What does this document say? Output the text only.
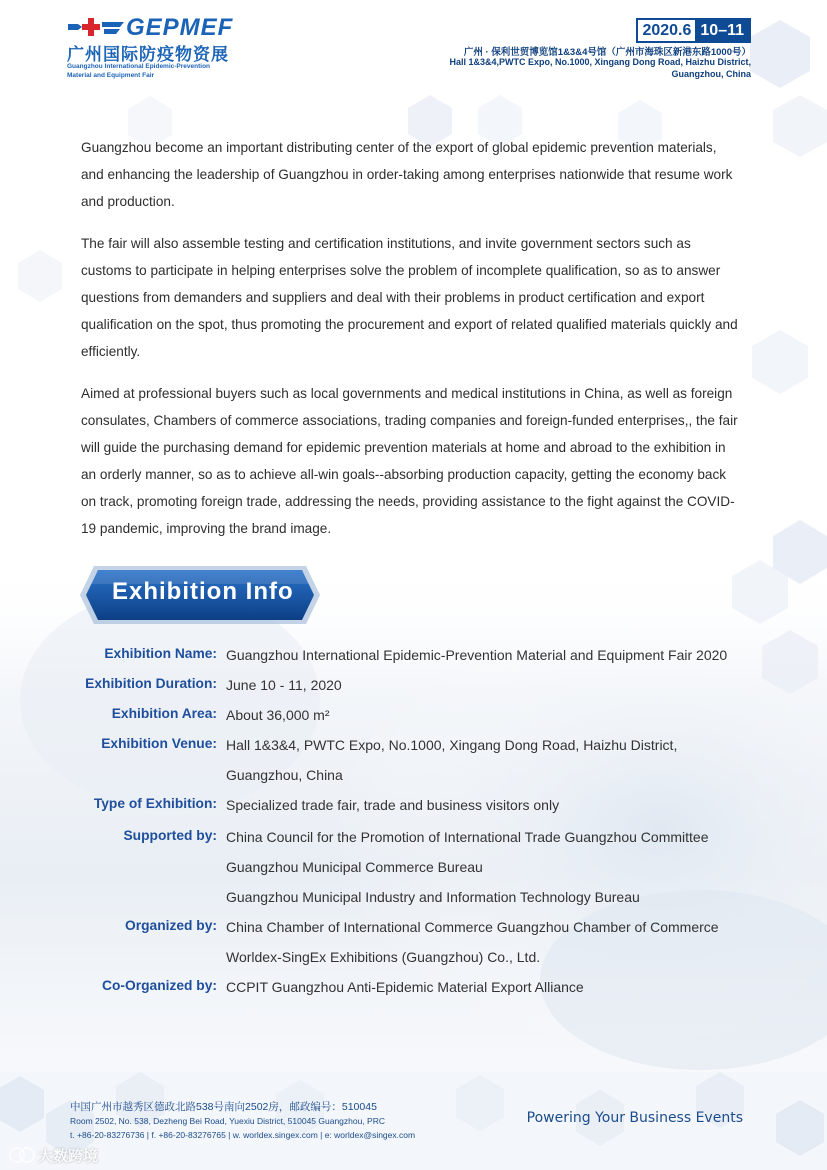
GEPMEF
广州国际防疫物资展
Guangzhou International Epidemic-Prevention
Material and Equipment Fair
2020.6 10–11
广州 · 保利世贸博览馆1&3&4号馆（广州市海珠区新港东路1000号）
Hall 1&3&4,PWTC Expo, No.1000, Xingang Dong Road, Haizhu District,
Guangzhou, China

Guangzhou become an important distributing center of the export of global epidemic prevention materials, and enhancing the leadership of Guangzhou in order-taking among enterprises nationwide that resume work and production.

The fair will also assemble testing and certification institutions, and invite government sectors such as customs to participate in helping enterprises solve the problem of incomplete qualification, so as to answer questions from demanders and suppliers and deal with their problems in product certification and export qualification on the spot, thus promoting the procurement and export of related qualified materials quickly and efficiently.

Aimed at professional buyers such as local governments and medical institutions in China, as well as foreign consulates, Chambers of commerce associations, trading companies and foreign-funded enterprises,, the fair will guide the purchasing demand for epidemic prevention materials at home and abroad to the exhibition in an orderly manner, so as to achieve all-win goals--absorbing production capacity, getting the economy back on track, promoting foreign trade, addressing the needs, providing assistance to the fight against the COVID-19 pandemic, improving the brand image.

Exhibition Info
Exhibition Name: Guangzhou International Epidemic-Prevention Material and Equipment Fair 2020
Exhibition Duration: June 10 - 11, 2020
Exhibition Area: About 36,000 m²
Exhibition Venue: Hall 1&3&4, PWTC Expo, No.1000, Xingang Dong Road, Haizhu District,
Guangzhou, China
Type of Exhibition: Specialized trade fair, trade and business visitors only
Supported by: China Council for the Promotion of International Trade Guangzhou Committee
Guangzhou Municipal Commerce Bureau
Guangzhou Municipal Industry and Information Technology Bureau
Organized by: China Chamber of International Commerce Guangzhou Chamber of Commerce
Worldex-SingEx Exhibitions (Guangzhou) Co., Ltd.
Co-Organized by: CCPIT Guangzhou Anti-Epidemic Material Export Alliance
中国广州市越秀区德政北路538号南向2502房，邮政编号：510045
Room 2502, No. 538, Dezheng Bei Road, Yuexiu District, 510045 Guangzhou, PRC
t. +86-20-83276736 | f. +86-20-83276765 | w. worldex.singex.com | e: worldex@singex.com
Powering Your Business Events
大数跨境
